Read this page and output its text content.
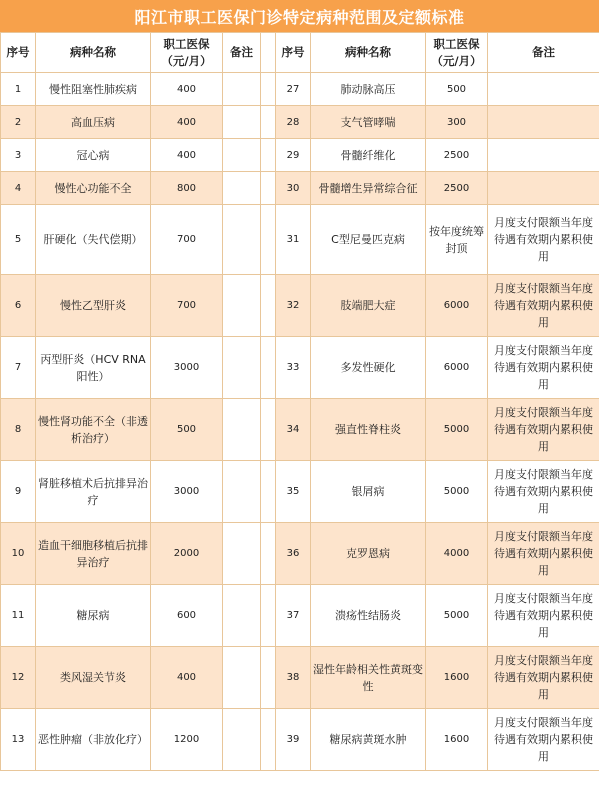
阳江市职工医保门诊特定病种范围及定额标准
序号	病种名称	职工医保（元/月）	备注		序号	病种名称	职工医保（元/月）	备注
1	慢性阻塞性肺疾病	400			27	肺动脉高压	500	
2	高血压病	400			28	支气管哮喘	300	
3	冠心病	400			29	骨髓纤维化	2500	
4	慢性心功能不全	800			30	骨髓增生异常综合征	2500	
5	肝硬化（失代偿期）	700			31	C型尼曼匹克病	按年度统筹封顶	月度支付限额当年度待遇有效期内累积使用
6	慢性乙型肝炎	700			32	肢端肥大症	6000	月度支付限额当年度待遇有效期内累积使用
7	丙型肝炎（HCV RNA阳性）	3000			33	多发性硬化	6000	月度支付限额当年度待遇有效期内累积使用
8	慢性肾功能不全（非透析治疗）	500			34	强直性脊柱炎	5000	月度支付限额当年度待遇有效期内累积使用
9	肾脏移植术后抗排异治疗	3000			35	银屑病	5000	月度支付限额当年度待遇有效期内累积使用
10	造血干细胞移植后抗排异治疗	2000			36	克罗恩病	4000	月度支付限额当年度待遇有效期内累积使用
11	糖尿病	600			37	溃疡性结肠炎	5000	月度支付限额当年度待遇有效期内累积使用
12	类风湿关节炎	400			38	湿性年龄相关性黄斑变性	1600	月度支付限额当年度待遇有效期内累积使用
13	恶性肿瘤（非放化疗）	1200			39	糖尿病黄斑水肿	1600	月度支付限额当年度待遇有效期内累积使用
